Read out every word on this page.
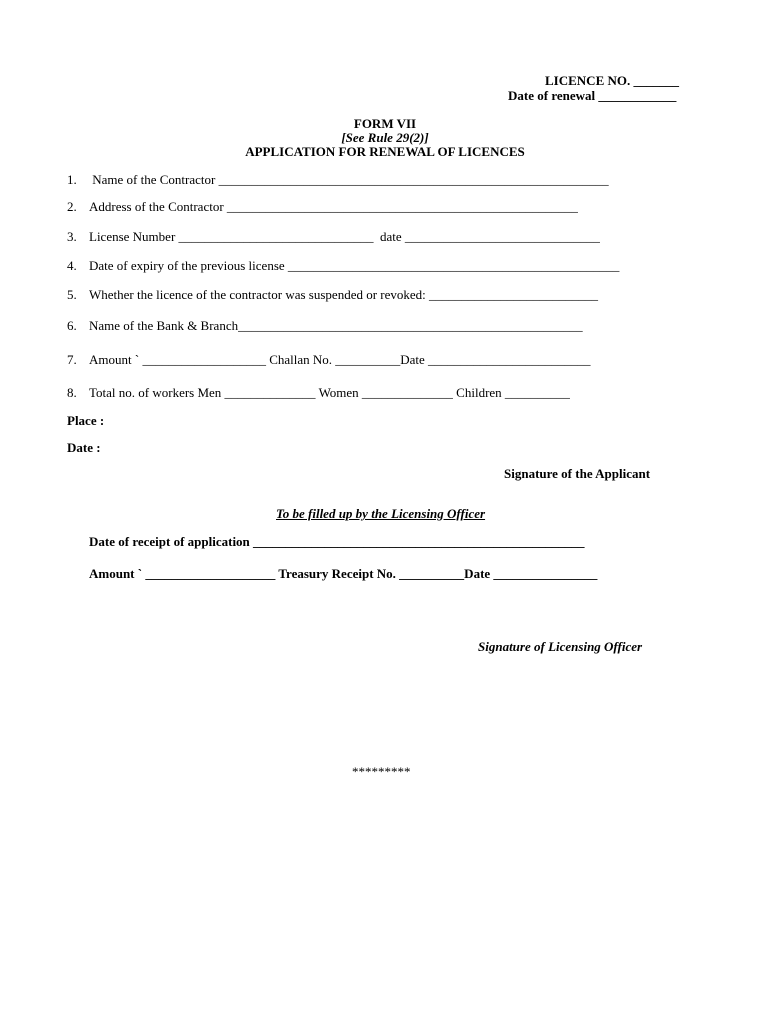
LICENCE NO. _______
Date of renewal ____________
FORM VII
[See Rule 29(2)]
APPLICATION FOR RENEWAL OF LICENCES
1. Name of the Contractor ____________________________________________________________
2. Address of the Contractor ______________________________________________________
3. License Number ______________________________  date ______________________________
4. Date of expiry of the previous license ___________________________________________________
5. Whether the licence of the contractor was suspended or revoked: __________________________
6. Name of the Bank & Branch_____________________________________________________
7. Amount ` ___________________ Challan No. __________Date _________________________
8. Total no. of workers Men ______________ Women ______________ Children __________
Place :
Date :
Signature of the Applicant
To be filled up by the Licensing Officer
Date of receipt of application ___________________________________________________
Amount ` ____________________ Treasury Receipt No. __________Date ________________
Signature of Licensing Officer
*********
